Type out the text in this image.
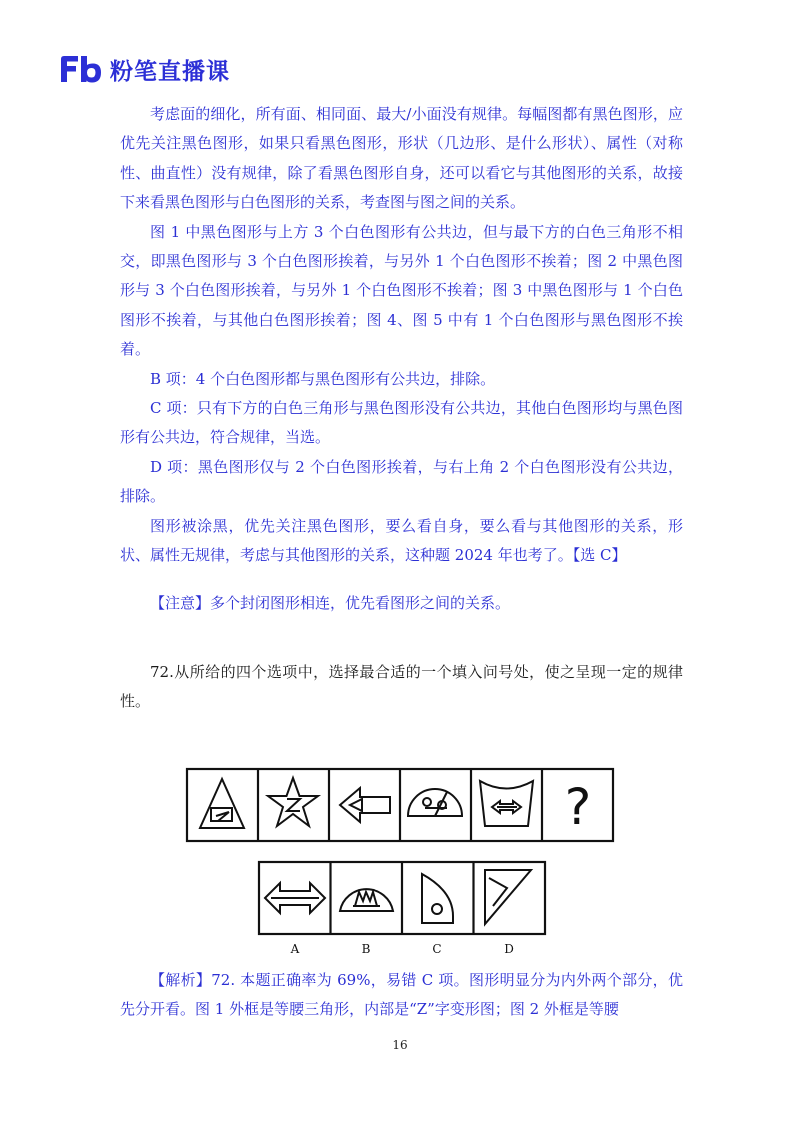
粉笔直播课

考虑面的细化，所有面、相同面、最大/小面没有规律。每幅图都有黑色图形，应优先关注黑色图形，如果只看黑色图形，形状（几边形、是什么形状）、属性（对称性、曲直性）没有规律，除了看黑色图形自身，还可以看它与其他图形的关系，故接下来看黑色图形与白色图形的关系，考查图与图之间的关系。

图 1 中黑色图形与上方 3 个白色图形有公共边，但与最下方的白色三角形不相交，即黑色图形与 3 个白色图形挨着，与另外 1 个白色图形不挨着；图 2 中黑色图形与 3 个白色图形挨着，与另外 1 个白色图形不挨着；图 3 中黑色图形与 1 个白色图形不挨着，与其他白色图形挨着；图 4、图 5 中有 1 个白色图形与黑色图形不挨着。

B 项：4 个白色图形都与黑色图形有公共边，排除。

C 项：只有下方的白色三角形与黑色图形没有公共边，其他白色图形均与黑色图形有公共边，符合规律，当选。

D 项：黑色图形仅与 2 个白色图形挨着，与右上角 2 个白色图形没有公共边，排除。

图形被涂黑，优先关注黑色图形，要么看自身，要么看与其他图形的关系，形状、属性无规律，考虑与其他图形的关系，这种题 2024 年也考了。【选 C】

【注意】多个封闭图形相连，优先看图形之间的关系。

72.从所给的四个选项中，选择最合适的一个填入问号处，使之呈现一定的规律性。

?
A	B	C	D

【解析】72. 本题正确率为 69%，易错 C 项。图形明显分为内外两个部分，优先分开看。图 1 外框是等腰三角形，内部是“Z”字变形图；图 2 外框是等腰

16
